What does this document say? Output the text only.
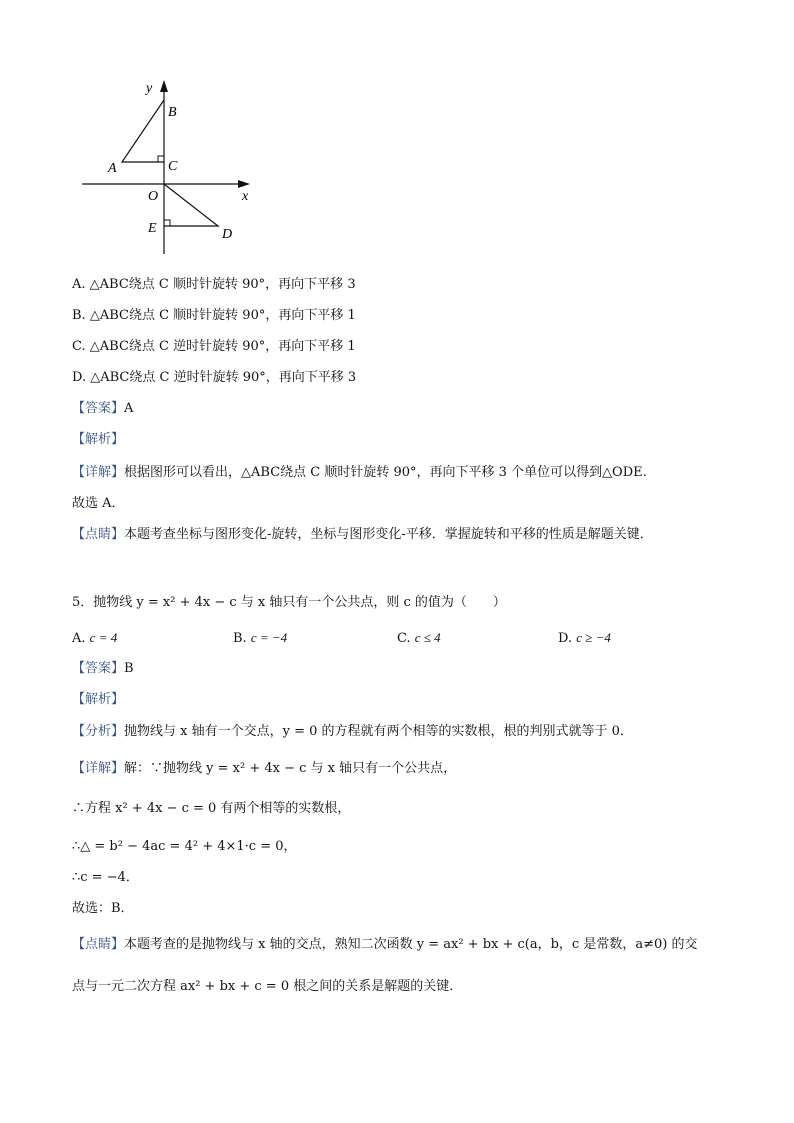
y
B
A	C
O	x
E	D
A. △ABC绕点 C 顺时针旋转 90°，再向下平移 3
B. △ABC绕点 C 顺时针旋转 90°，再向下平移 1
C. △ABC绕点 C 逆时针旋转 90°，再向下平移 1
D. △ABC绕点 C 逆时针旋转 90°，再向下平移 3
【答案】A
【解析】
【详解】根据图形可以看出，△ABC绕点 C 顺时针旋转 90°，再向下平移 3 个单位可以得到△ODE.
故选 A．
【点睛】本题考查坐标与图形变化-旋转，坐标与图形变化-平移．掌握旋转和平移的性质是解题关键．
5．抛物线 y = x² + 4x − c 与 x 轴只有一个公共点，则 c 的值为（　　）
A. c = 4	B. c = −4	C. c ≤ 4	D. c ≥ −4
【答案】B
【解析】
【分析】抛物线与 x 轴有一个交点，y = 0 的方程就有两个相等的实数根，根的判别式就等于 0．
【详解】解：∵抛物线 y = x² + 4x − c 与 x 轴只有一个公共点，
∴方程 x² + 4x − c = 0 有两个相等的实数根，
∴△ = b² − 4ac = 4² + 4×1·c = 0，
∴c = −4．
故选：B．
【点睛】本题考查的是抛物线与 x 轴的交点，熟知二次函数 y = ax² + bx + c(a，b，c 是常数，a≠0) 的交
点与一元二次方程 ax² + bx + c = 0 根之间的关系是解题的关键．
